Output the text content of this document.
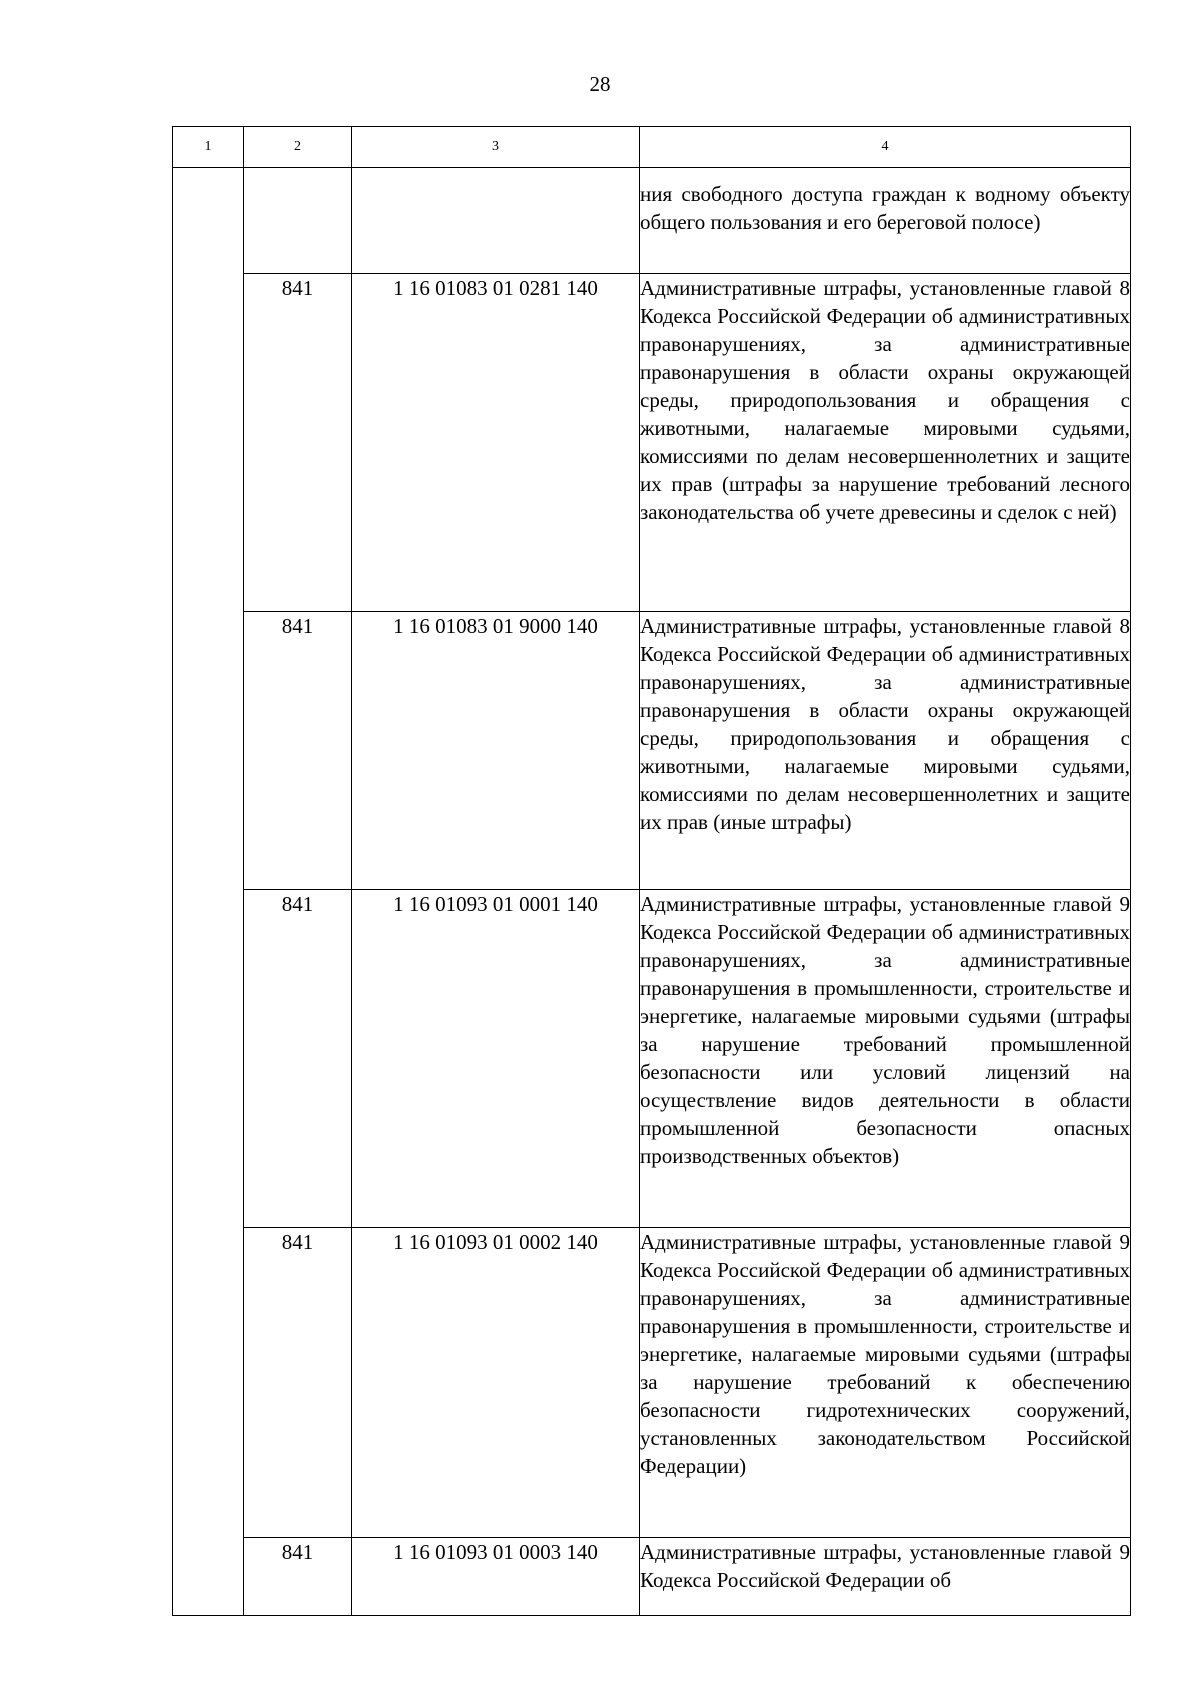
28
1	2	3	4
			ния свободного доступа граждан к водному объекту общего пользования и его береговой полосе)
	841	1 16 01083 01 0281 140	Административные штрафы, установленные главой 8 Кодекса Российской Федерации об административных правонарушениях, за административные правонарушения в области охраны окружающей среды, природопользования и обращения с животными, налагаемые мировыми судьями, комиссиями по делам несовершеннолетних и защите их прав (штрафы за нарушение требований лесного законодательства об учете древесины и сделок с ней)
	841	1 16 01083 01 9000 140	Административные штрафы, установленные главой 8 Кодекса Российской Федерации об административных правонарушениях, за административные правонарушения в области охраны окружающей среды, природопользования и обращения с животными, налагаемые мировыми судьями, комиссиями по делам несовершеннолетних и защите их прав (иные штрафы)
	841	1 16 01093 01 0001 140	Административные штрафы, установленные главой 9 Кодекса Российской Федерации об административных правонарушениях, за административные правонарушения в промышленности, строительстве и энергетике, налагаемые мировыми судьями (штрафы за нарушение требований промышленной безопасности или условий лицензий на осуществление видов деятельности в области промышленной безопасности опасных производственных объектов)
	841	1 16 01093 01 0002 140	Административные штрафы, установленные главой 9 Кодекса Российской Федерации об административных правонарушениях, за административные правонарушения в промышленности, строительстве и энергетике, налагаемые мировыми судьями (штрафы за нарушение требований к обеспечению безопасности гидротехнических сооружений, установленных законодательством Российской Федерации)
	841	1 16 01093 01 0003 140	Административные штрафы, установленные главой 9 Кодекса Российской Федерации об
